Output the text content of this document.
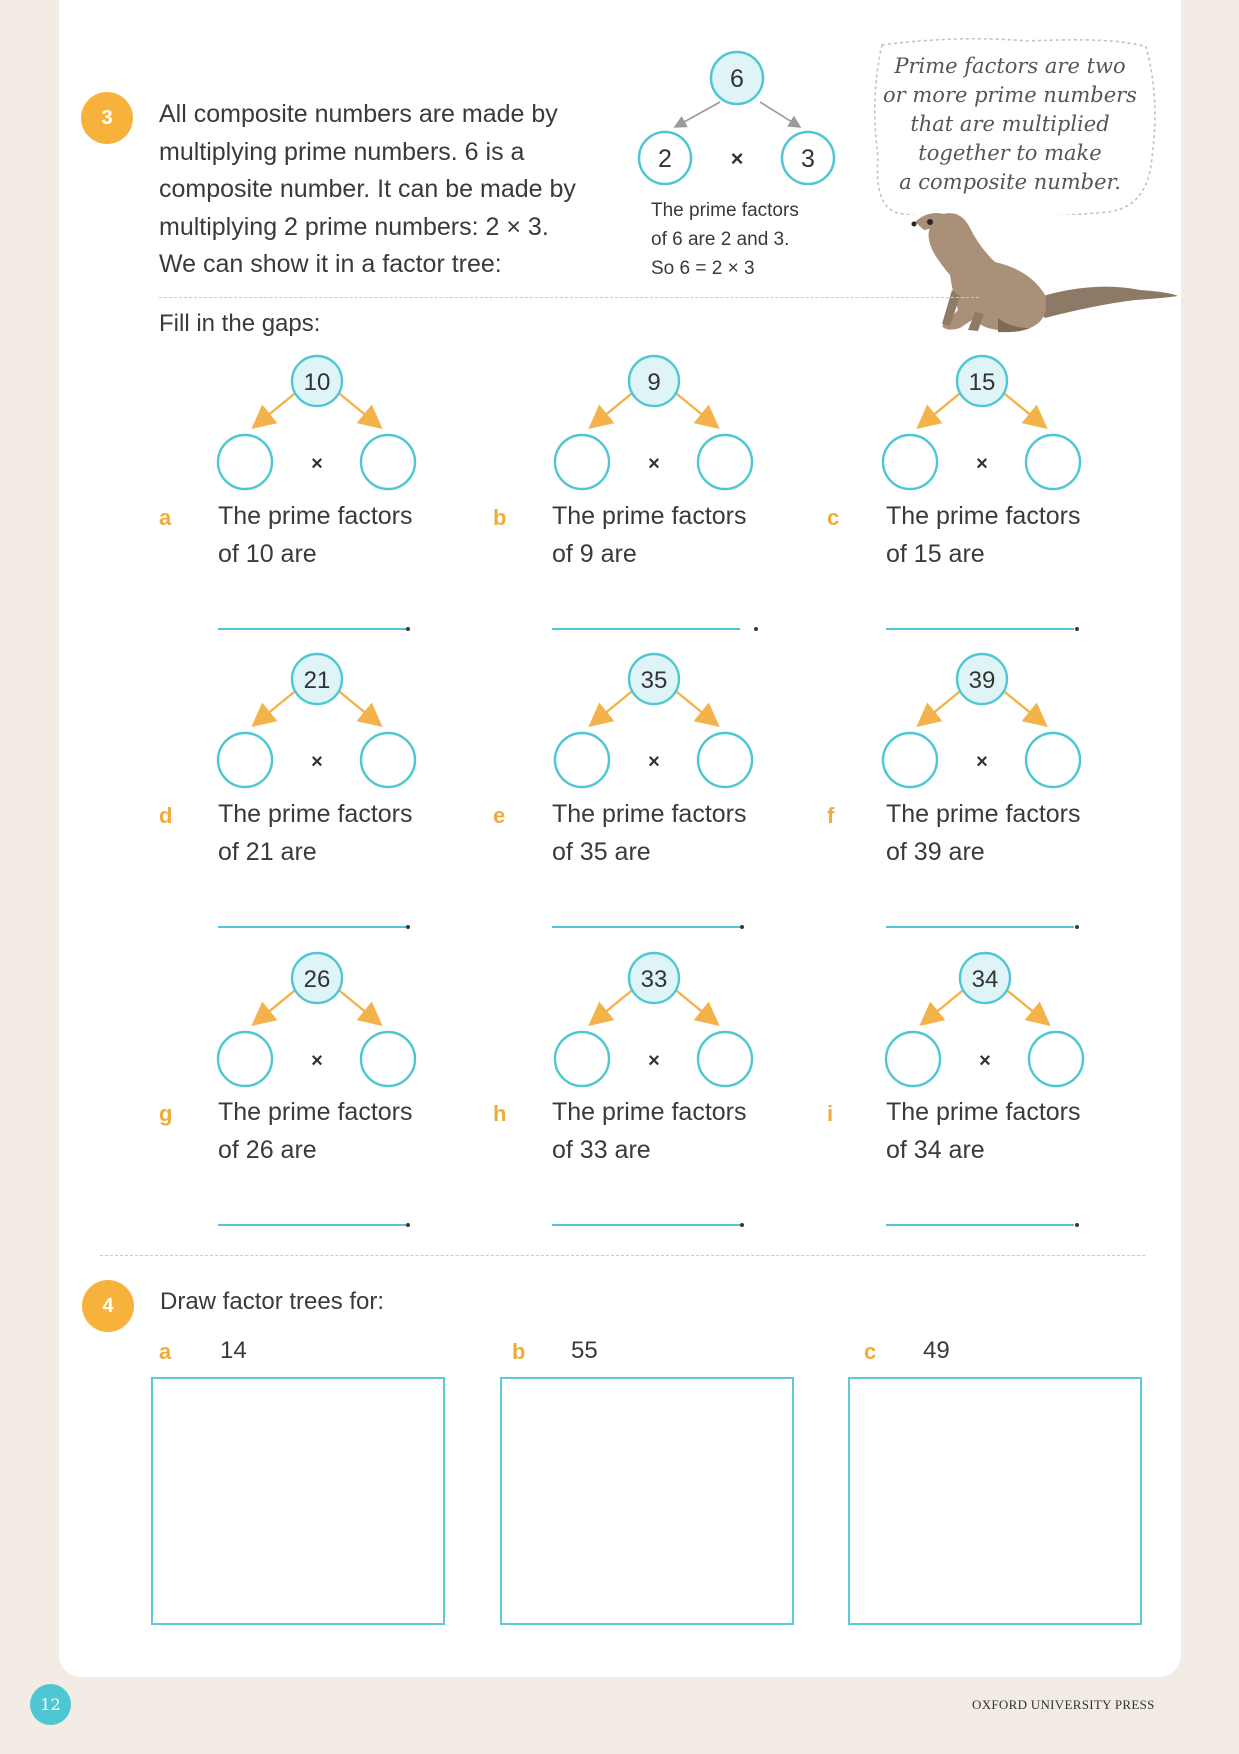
3	All composite numbers are made by
multiplying prime numbers. 6 is a
composite number. It can be made by
multiplying 2 prime numbers: 2 × 3.
We can show it in a factor tree:
6
2	3
×
The prime factors
of 6 are 2 and 3.
So 6 = 2 × 3
Prime factors are two
or more prime numbers
that are multiplied
together to make
a composite number.
Fill in the gaps:
a
10
×
The prime factors
of 10 are
b
9
×
The prime factors
of 9 are
c
15
×
The prime factors
of 15 are
d
21
×
The prime factors
of 21 are
e
35
×
The prime factors
of 35 are
f
39
×
The prime factors
of 39 are
g
26
×
The prime factors
of 26 are
h
33
×
The prime factors
of 33 are
i
34
×
The prime factors
of 34 are
4	Draw factor trees for:
a 14	b 55	c 49
12	OXFORD UNIVERSITY PRESS
